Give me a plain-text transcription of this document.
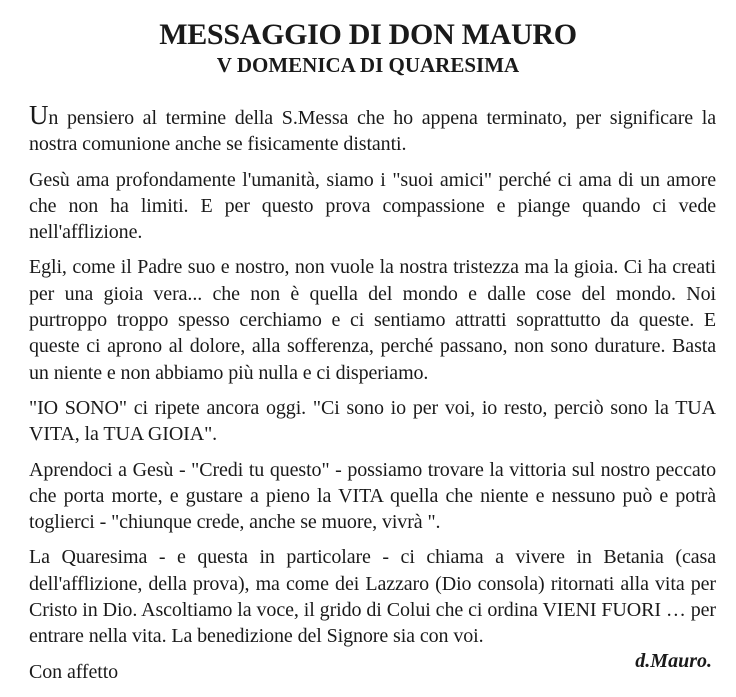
MESSAGGIO DI DON MAURO
V DOMENICA DI QUARESIMA

Un pensiero al termine della S.Messa che ho appena terminato, per significare la nostra comunione anche se fisicamente distanti.

Gesù ama profondamente l'umanità, siamo i "suoi amici" perché ci ama di un amore che non ha limiti. E per questo prova compassione e piange quando ci vede nell'afflizione.

Egli, come il Padre suo e nostro, non vuole la nostra tristezza ma la gioia. Ci ha creati per una gioia vera... che non è quella del mondo e dalle cose del mondo. Noi purtroppo troppo spesso cerchiamo e ci sentiamo attratti soprattutto da queste. E queste ci aprono al dolore, alla sofferenza, perché passano, non sono durature. Basta un niente e non abbiamo più nulla e ci disperiamo.

"IO SONO" ci ripete ancora oggi. "Ci sono io per voi, io resto, perciò sono la TUA VITA, la TUA GIOIA".

Aprendoci a Gesù - "Credi tu questo" - possiamo trovare la vittoria sul nostro peccato che porta morte, e gustare a pieno la VITA quella che niente e nessuno può e potrà toglierci - "chiunque crede, anche se muore, vivrà ".

La Quaresima - e questa in particolare - ci chiama a vivere in Betania (casa dell'afflizione, della prova), ma come dei Lazzaro (Dio consola) ritornati alla vita per Cristo in Dio. Ascoltiamo la voce, il grido di Colui che ci ordina VIENI FUORI … per entrare nella vita. La benedizione del Signore sia con voi.

Con affetto	d.Mauro.
